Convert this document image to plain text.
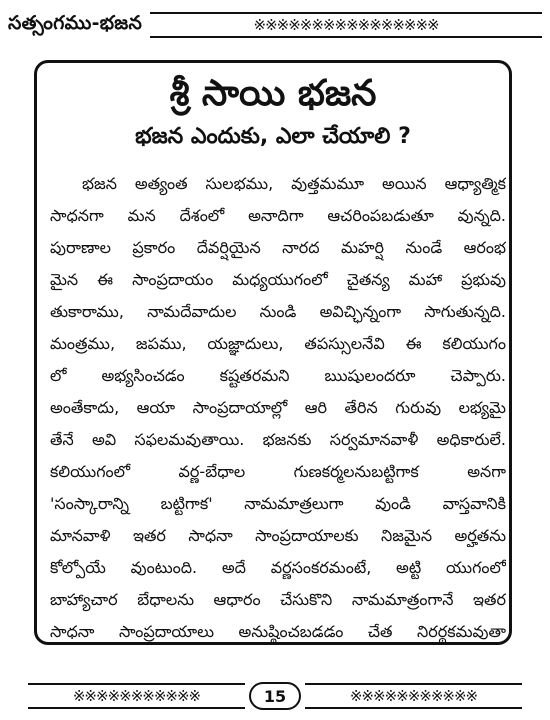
సత్సంగము-భజన	※※※※※※※※※※※※※※※※
శ్రీ సాయి భజన
భజన ఎందుకు, ఎలా చేయాలి ?
భజన అత్యంత సులభము, వుత్తమమూ అయిన ఆధ్యాత్మిక
సాధనగా మన దేశంలో అనాదిగా ఆచరింపబడుతూ వున్నది.
పురాణాల ప్రకారం దేవర్షియైన నారద మహర్షి నుండే ఆరంభ
మైన ఈ సాంప్రదాయం మధ్యయుగంలో చైతన్య మహా ప్రభువు
తుకారాము, నామదేవాదుల నుండి అవిచ్ఛిన్నంగా సాగుతున్నది.
మంత్రము, జపము, యజ్ఞాదులు, తపస్సులనేవి ఈ కలియుగం
లో అభ్యసించడం కష్టతరమని ఋషులందరూ చెప్పారు.
అంతేకాదు, ఆయా సాంప్రదాయాల్లో ఆరి తేరిన గురువు లభ్యమై
తేనే అవి సఫలమవుతాయి. భజనకు సర్వమానవాళీ అధికారులే.
కలియుగంలో వర్ణ-బేధాల గుణకర్మలనుబట్టిగాక అనగా
'సంస్కారాన్ని బట్టిగాక' నామమాత్రలుగా వుండి వాస్తవానికి
మానవాళి ఇతర సాధనా సాంప్రదాయాలకు నిజమైన అర్హతను
కోల్పోయే వుంటుంది. అదే వర్ణసంకరమంటే, అట్టి యుగంలో
బాహ్యాచార బేధాలను ఆధారం చేసుకొని నామమాత్రంగానే ఇతర
సాధనా సాంప్రదాయాలు అనుష్ఠించబడడం చేత నిరర్థకమవుతా
※※※※※※※※※※※	15	※※※※※※※※※※※
